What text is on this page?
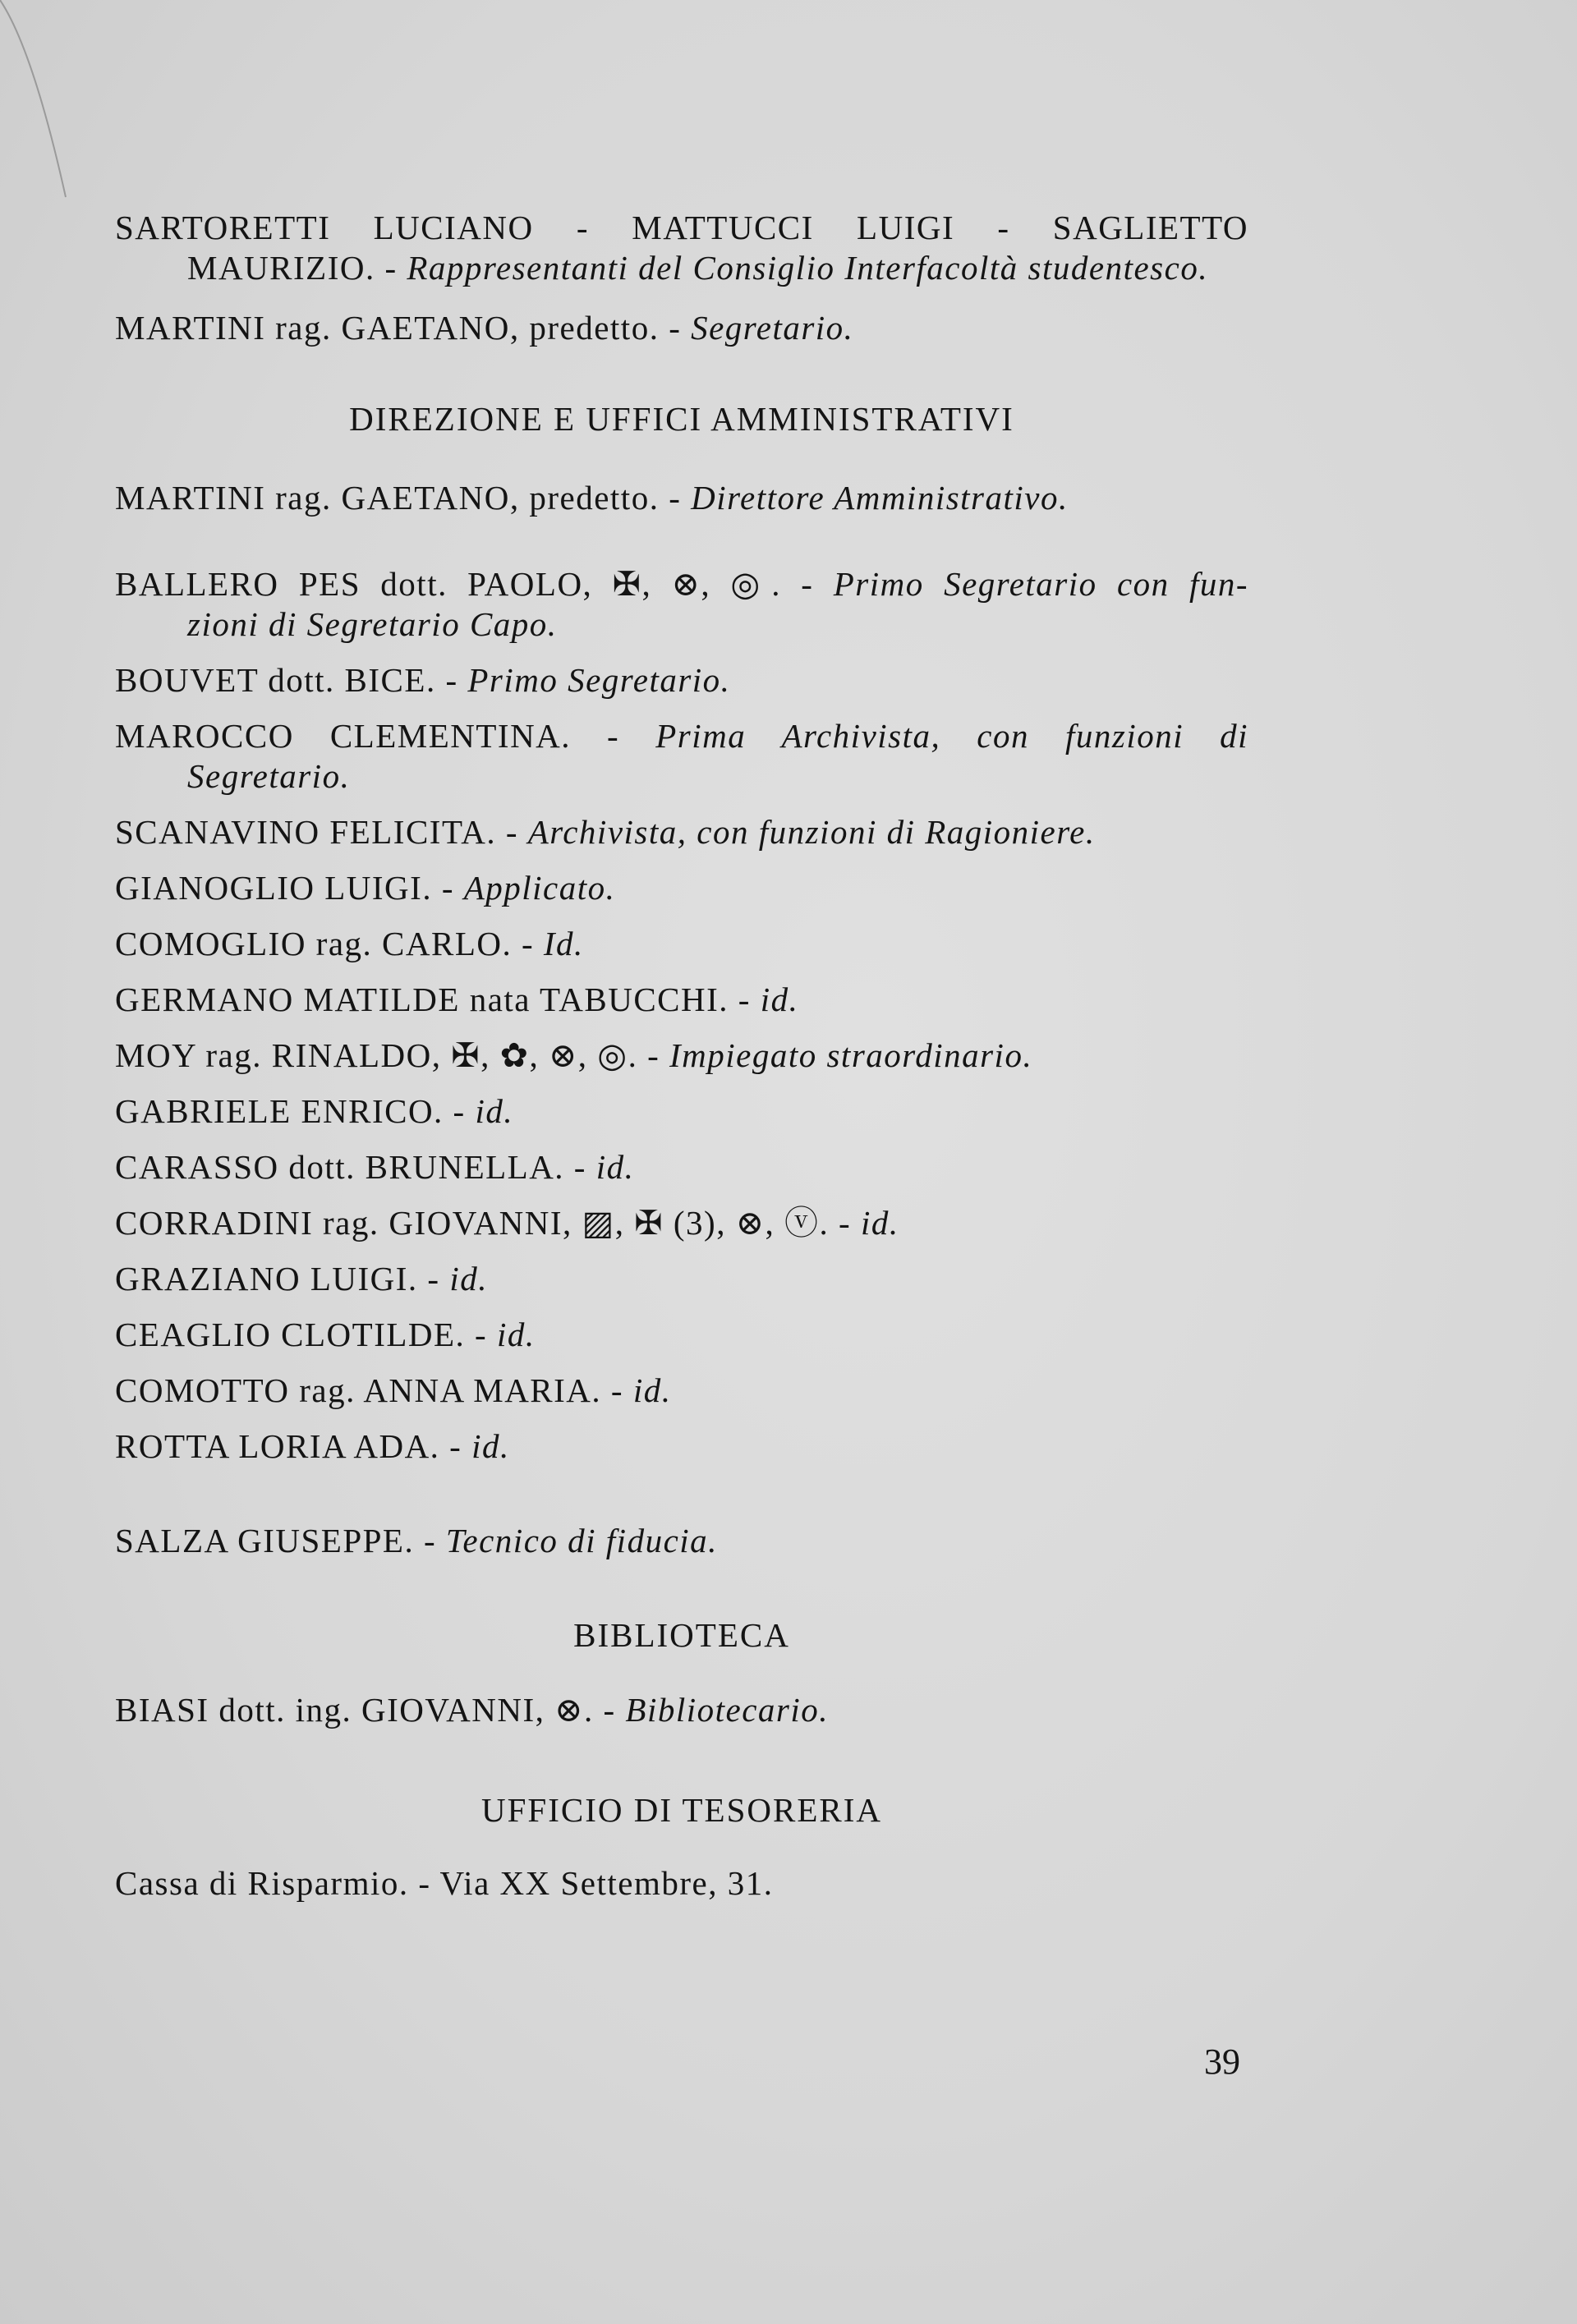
SARTORETTI LUCIANO - MATTUCCI LUIGI - SAGLIETTO

MAURIZIO. - Rappresentanti del Consiglio Interfacoltà studentesco.

MARTINI rag. GAETANO, predetto. - Segretario.

DIREZIONE E UFFICI AMMINISTRATIVI

MARTINI rag. GAETANO, predetto. - Direttore Amministrativo.

BALLERO PES dott. PAOLO, ✠, ⊗, ◎. - Primo Segretario con fun-

zioni di Segretario Capo.

BOUVET dott. BICE. - Primo Segretario.

MAROCCO CLEMENTINA. - Prima Archivista, con funzioni di

Segretario.

SCANAVINO FELICITA. - Archivista, con funzioni di Ragioniere.

GIANOGLIO LUIGI. - Applicato.

COMOGLIO rag. CARLO. - Id.

GERMANO MATILDE nata TABUCCHI. - id.

MOY rag. RINALDO, ✠, ✿, ⊗, ◎. - Impiegato straordinario.

GABRIELE ENRICO. - id.

CARASSO dott. BRUNELLA. - id.

CORRADINI rag. GIOVANNI, ▨, ✠ (3), ⊗, ⓥ. - id.

GRAZIANO LUIGI. - id.

CEAGLIO CLOTILDE. - id.

COMOTTO rag. ANNA MARIA. - id.

ROTTA LORIA ADA. - id.

SALZA GIUSEPPE. - Tecnico di fiducia.

BIBLIOTECA

BIASI dott. ing. GIOVANNI, ⊗. - Bibliotecario.

UFFICIO DI TESORERIA

Cassa di Risparmio. - Via XX Settembre, 31.

39
